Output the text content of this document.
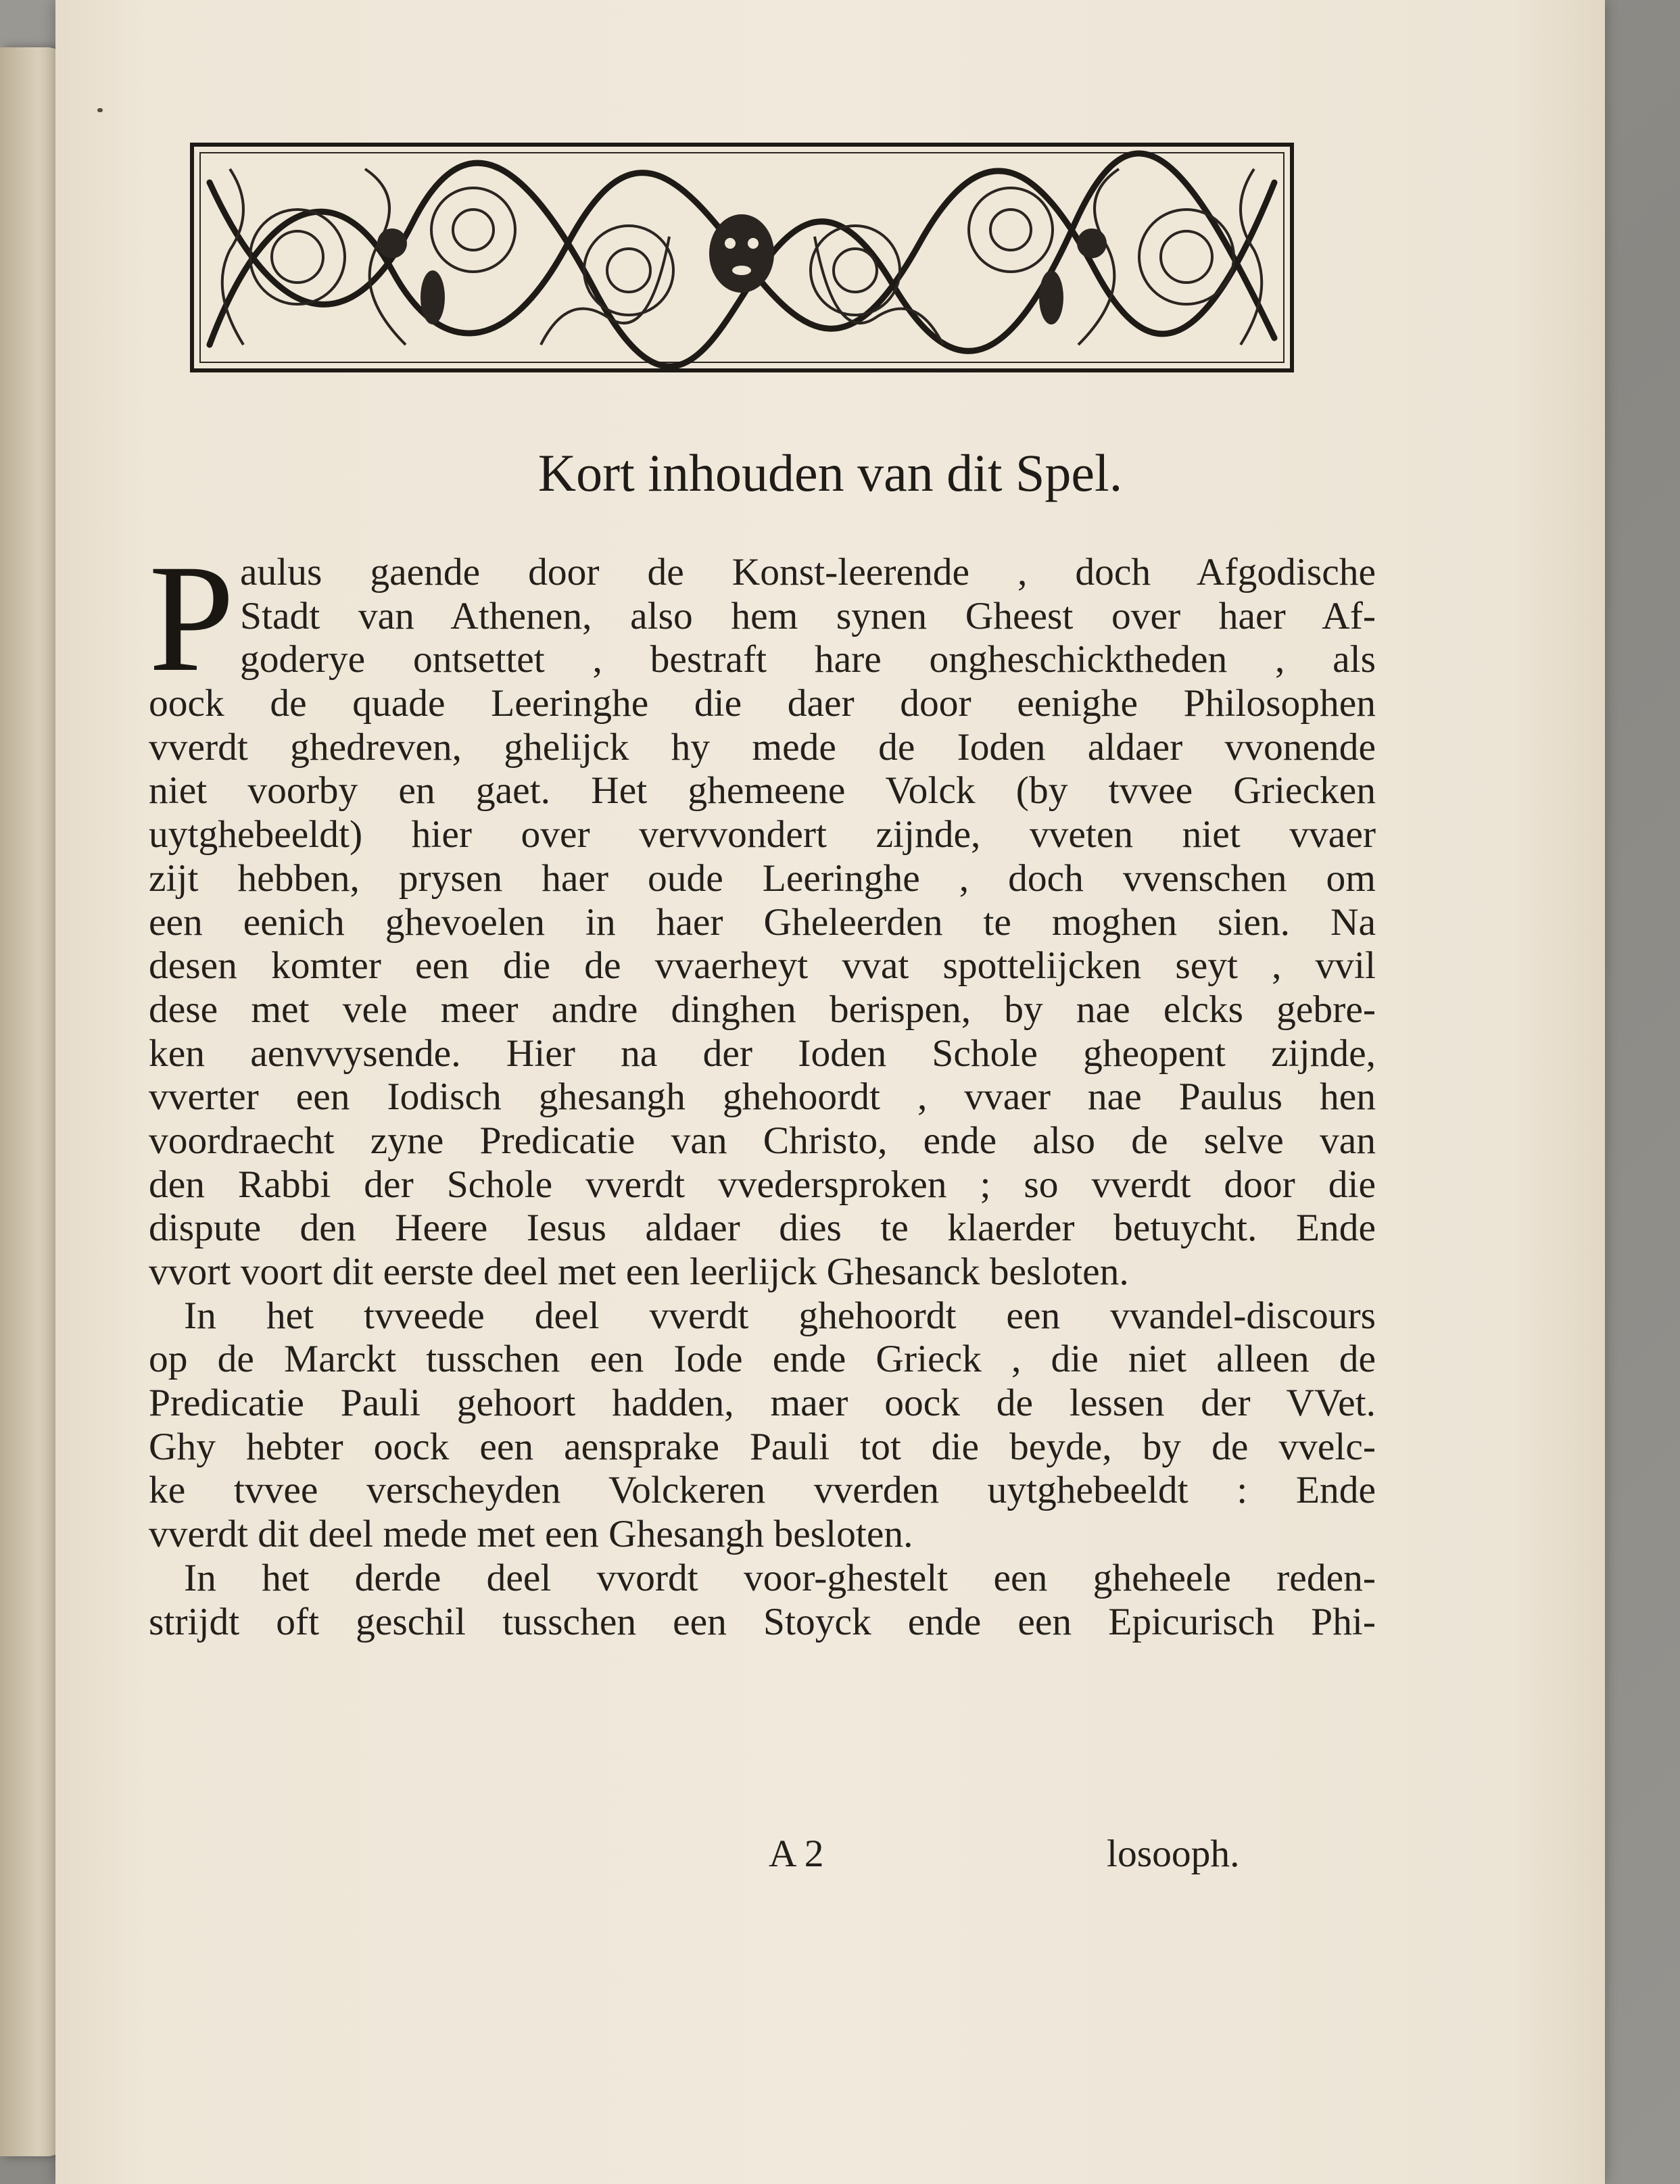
Kort inhouden van dit Spel.
P aulus gaende door de Konst-leerende , doch Afgodische
Stadt van Athenen, also hem synen Gheest over haer Af-
goderye ontsettet , bestraft hare ongheschicktheden , als
oock de quade Leeringhe die daer door eenighe Philosophen
vverdt ghedreven, ghelijck hy mede de Ioden aldaer vvonende
niet voorby en gaet. Het ghemeene Volck (by tvvee Griecken
uytghebeeldt) hier over vervvondert zijnde, vveten niet vvaer
zijt hebben, prysen haer oude Leeringhe , doch vvenschen om
een eenich ghevoelen in haer Gheleerden te moghen sien. Na
desen komter een die de vvaerheyt vvat spottelijcken seyt , vvil
dese met vele meer andre dinghen berispen, by nae elcks gebre-
ken aenvvysende. Hier na der Ioden Schole gheopent zijnde,
vverter een Iodisch ghesangh ghehoordt , vvaer nae Paulus hen
voordraecht zyne Predicatie van Christo, ende also de selve van
den Rabbi der Schole vverdt vvedersproken ; so vverdt door die
dispute den Heere Iesus aldaer dies te klaerder betuycht. Ende
vvort voort dit eerste deel met een leerlijck Ghesanck besloten.
In het tvveede deel vverdt ghehoordt een vvandel-discours
op de Marckt tusschen een Iode ende Grieck , die niet alleen de
Predicatie Pauli gehoort hadden, maer oock de lessen der VVet.
Ghy hebter oock een aensprake Pauli tot die beyde, by de vvelc-
ke tvvee verscheyden Volckeren vverden uytghebeeldt : Ende
vverdt dit deel mede met een Ghesangh besloten.
In het derde deel vvordt voor-ghestelt een gheheele reden-
strijdt oft geschil tusschen een Stoyck ende een Epicurisch Phi-
A 2	losooph.
